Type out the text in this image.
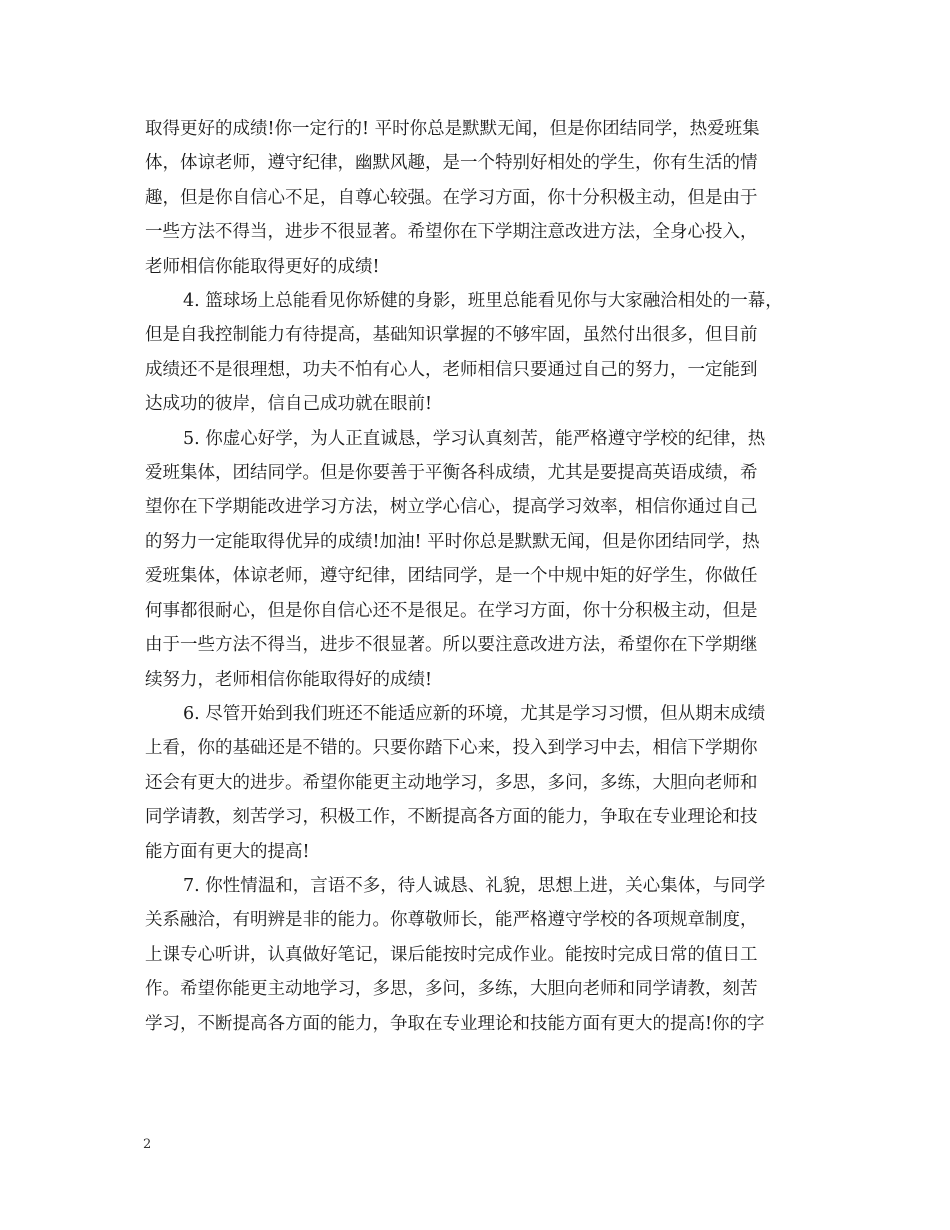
取得更好的成绩!你一定行的! 平时你总是默默无闻，但是你团结同学，热爱班集
体，体谅老师，遵守纪律，幽默风趣，是一个特别好相处的学生，你有生活的情
趣，但是你自信心不足，自尊心较强。在学习方面，你十分积极主动，但是由于
一些方法不得当，进步不很显著。希望你在下学期注意改进方法，全身心投入，
老师相信你能取得更好的成绩!

4. 篮球场上总能看见你矫健的身影，班里总能看见你与大家融洽相处的一幕，
但是自我控制能力有待提高，基础知识掌握的不够牢固，虽然付出很多，但目前
成绩还不是很理想，功夫不怕有心人，老师相信只要通过自己的努力，一定能到
达成功的彼岸，信自己成功就在眼前!

5. 你虚心好学，为人正直诚恳，学习认真刻苦，能严格遵守学校的纪律，热
爱班集体，团结同学。但是你要善于平衡各科成绩，尤其是要提高英语成绩，希
望你在下学期能改进学习方法，树立学心信心，提高学习效率，相信你通过自己
的努力一定能取得优异的成绩!加油! 平时你总是默默无闻，但是你团结同学，热
爱班集体，体谅老师，遵守纪律，团结同学，是一个中规中矩的好学生，你做任
何事都很耐心，但是你自信心还不是很足。在学习方面，你十分积极主动，但是
由于一些方法不得当，进步不很显著。所以要注意改进方法，希望你在下学期继
续努力，老师相信你能取得好的成绩!

6. 尽管开始到我们班还不能适应新的环境，尤其是学习习惯，但从期末成绩
上看，你的基础还是不错的。只要你踏下心来，投入到学习中去，相信下学期你
还会有更大的进步。希望你能更主动地学习，多思，多问，多练，大胆向老师和
同学请教，刻苦学习，积极工作，不断提高各方面的能力，争取在专业理论和技
能方面有更大的提高!

7. 你性情温和，言语不多，待人诚恳、礼貌，思想上进，关心集体，与同学
关系融洽，有明辨是非的能力。你尊敬师长，能严格遵守学校的各项规章制度，
上课专心听讲，认真做好笔记，课后能按时完成作业。能按时完成日常的值日工
作。希望你能更主动地学习，多思，多问，多练，大胆向老师和同学请教，刻苦
学习，不断提高各方面的能力，争取在专业理论和技能方面有更大的提高!你的字

2
